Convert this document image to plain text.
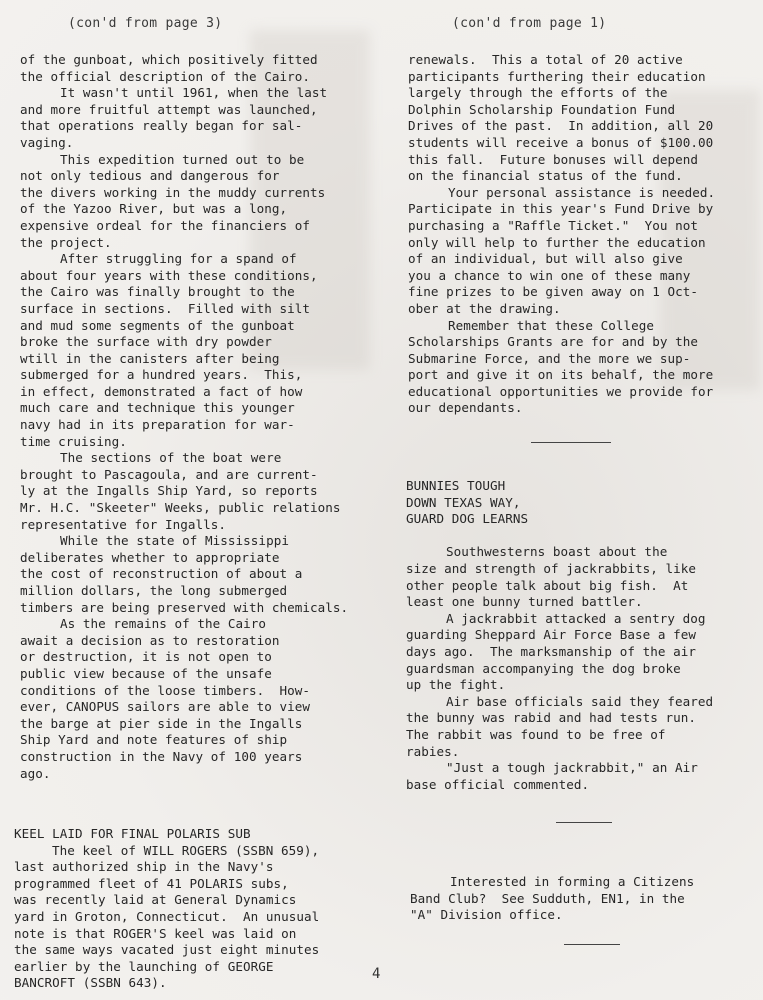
(con'd from page 3)	(con'd from page 1)

of the gunboat, which positively fitted

the official description of the Cairo.

It wasn't until 1961, when the last

and more fruitful attempt was launched,

that operations really began for sal-

vaging.

This expedition turned out to be

not only tedious and dangerous for

the divers working in the muddy currents

of the Yazoo River, but was a long,

expensive ordeal for the financiers of

the project.

After struggling for a spand of

about four years with these conditions,

the Cairo was finally brought to the

surface in sections.  Filled with silt

and mud some segments of the gunboat

broke the surface with dry powder

wtill in the canisters after being

submerged for a hundred years.  This,

in effect, demonstrated a fact of how

much care and technique this younger

navy had in its preparation for war-

time cruising.

The sections of the boat were

brought to Pascagoula, and are current-

ly at the Ingalls Ship Yard, so reports

Mr. H.C. "Skeeter" Weeks, public relations

representative for Ingalls.

While the state of Mississippi

deliberates whether to appropriate

the cost of reconstruction of about a

million dollars, the long submerged

timbers are being preserved with chemicals.

As the remains of the Cairo

await a decision as to restoration

or destruction, it is not open to

public view because of the unsafe

conditions of the loose timbers.  How-

ever, CANOPUS sailors are able to view

the barge at pier side in the Ingalls

Ship Yard and note features of ship

construction in the Navy of 100 years

ago.

KEEL LAID FOR FINAL POLARIS SUB

The keel of WILL ROGERS (SSBN 659),

last authorized ship in the Navy's

programmed fleet of 41 POLARIS subs,

was recently laid at General Dynamics

yard in Groton, Connecticut.  An unusual

note is that ROGER'S keel was laid on

the same ways vacated just eight minutes

earlier by the launching of GEORGE

BANCROFT (SSBN 643).

renewals.  This a total of 20 active

participants furthering their education

largely through the efforts of the

Dolphin Scholarship Foundation Fund

Drives of the past.  In addition, all 20

students will receive a bonus of $100.00

this fall.  Future bonuses will depend

on the financial status of the fund.

Your personal assistance is needed.

Participate in this year's Fund Drive by

purchasing a "Raffle Ticket."  You not

only will help to further the education

of an individual, but will also give

you a chance to win one of these many

fine prizes to be given away on 1 Oct-

ober at the drawing.

Remember that these College

Scholarships Grants are for and by the

Submarine Force, and the more we sup-

port and give it on its behalf, the more

educational opportunities we provide for

our dependants.

BUNNIES TOUGH

DOWN TEXAS WAY,

GUARD DOG LEARNS

Southwesterns boast about the

size and strength of jackrabbits, like

other people talk about big fish.  At

least one bunny turned battler.

A jackrabbit attacked a sentry dog

guarding Sheppard Air Force Base a few

days ago.  The marksmanship of the air

guardsman accompanying the dog broke

up the fight.

Air base officials said they feared

the bunny was rabid and had tests run.

The rabbit was found to be free of

rabies.

"Just a tough jackrabbit," an Air

base official commented.

Interested in forming a Citizens

Band Club?  See Sudduth, EN1, in the

"A" Division office.

4
